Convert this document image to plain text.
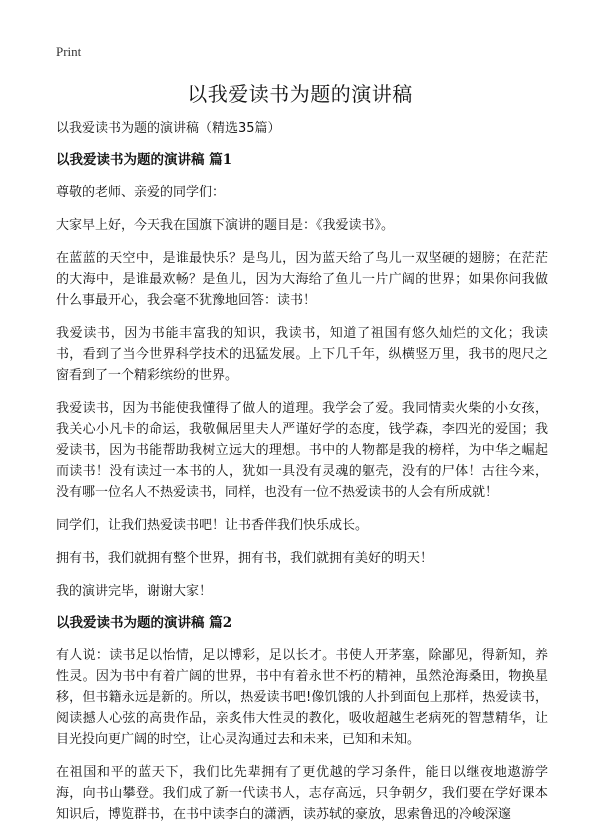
Print
以我爱读书为题的演讲稿

以我爱读书为题的演讲稿（精选35篇）

以我爱读书为题的演讲稿 篇1

尊敬的老师、亲爱的同学们：

大家早上好，今天我在国旗下演讲的题目是：《我爱读书》。

在蓝蓝的天空中，是谁最快乐？是鸟儿，因为蓝天给了鸟儿一双坚硬的翅膀；在茫茫的大海中，是谁最欢畅？是鱼儿，因为大海给了鱼儿一片广阔的世界；如果你问我做什么事最开心，我会毫不犹豫地回答：读书！

我爱读书，因为书能丰富我的知识，我读书，知道了祖国有悠久灿烂的文化；我读书，看到了当今世界科学技术的迅猛发展。上下几千年，纵横竖万里，我书的咫尺之窗看到了一个精彩缤纷的世界。

我爱读书，因为书能使我懂得了做人的道理。我学会了爱。我同情卖火柴的小女孩，我关心小凡卡的命运，我敬佩居里夫人严谨好学的态度，钱学森，李四光的爱国；我爱读书，因为书能帮助我树立远大的理想。书中的人物都是我的榜样，为中华之崛起而读书！没有读过一本书的人，犹如一具没有灵魂的躯壳，没有的尸体！古往今来，没有哪一位名人不热爱读书，同样，也没有一位不热爱读书的人会有所成就！

同学们，让我们热爱读书吧！让书香伴我们快乐成长。

拥有书，我们就拥有整个世界，拥有书，我们就拥有美好的明天！

我的演讲完毕，谢谢大家！

以我爱读书为题的演讲稿 篇2

有人说：读书足以怡情，足以博彩，足以长才。书使人开茅塞，除鄙见，得新知，养性灵。因为书中有着广阔的世界，书中有着永世不朽的精神，虽然沧海桑田，物换星移，但书籍永远是新的。所以，热爱读书吧!像饥饿的人扑到面包上那样，热爱读书，阅读撼人心弦的高贵作品，亲炙伟大性灵的教化，吸收超越生老病死的智慧精华，让目光投向更广阔的时空，让心灵沟通过去和未来，已知和未知。

在祖国和平的蓝天下，我们比先辈拥有了更优越的学习条件，能日以继夜地遨游学海，向书山攀登。我们成了新一代读书人，志存高远，只争朝夕，我们要在学好课本知识后，博览群书，在书中读李白的潇洒，读苏轼的豪放，思索鲁迅的冷峻深邃
